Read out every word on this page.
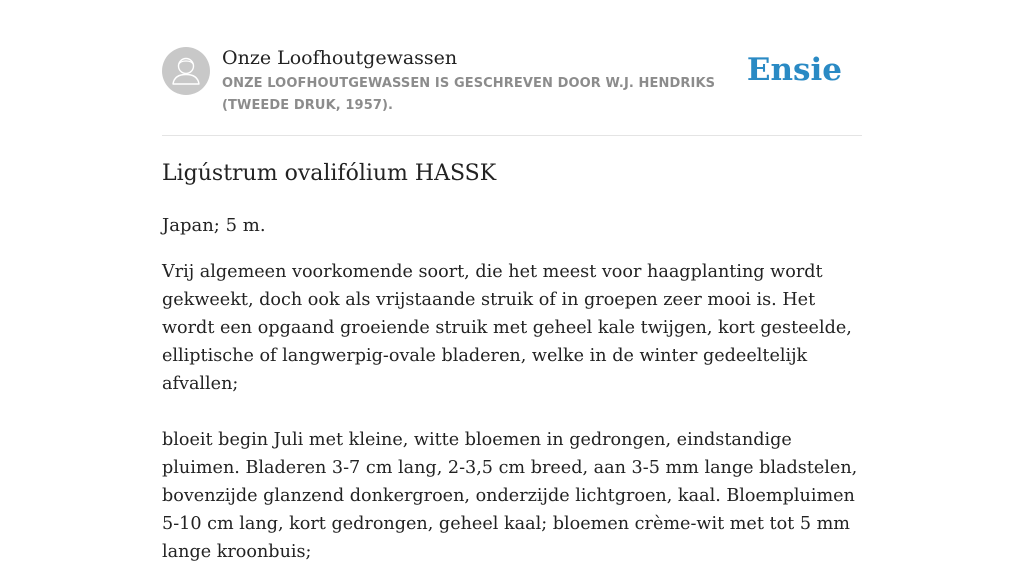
Onze Loofhoutgewassen
ONZE LOOFHOUTGEWASSEN IS GESCHREVEN DOOR W.J. HENDRIKS (TWEEDE DRUK, 1957).
Ensie
Ligústrum ovalifólium HASSK

Japan; 5 m.

Vrij algemeen voorkomende soort, die het meest voor haagplanting wordt gekweekt, doch ook als vrijstaande struik of in groepen zeer mooi is. Het wordt een opgaand groeiende struik met geheel kale twijgen, kort gesteelde, elliptische of langwerpig-ovale bladeren, welke in de winter gedeeltelijk afvallen;

bloeit begin Juli met kleine, witte bloemen in gedrongen, eindstandige pluimen. Bladeren 3-7 cm lang, 2-3,5 cm breed, aan 3-5 mm lange bladstelen, bovenzijde glanzend donkergroen, onderzijde lichtgroen, kaal. Bloempluimen 5-10 cm lang, kort gedrongen, geheel kaal; bloemen crème-wit met tot 5 mm lange kroonbuis;
